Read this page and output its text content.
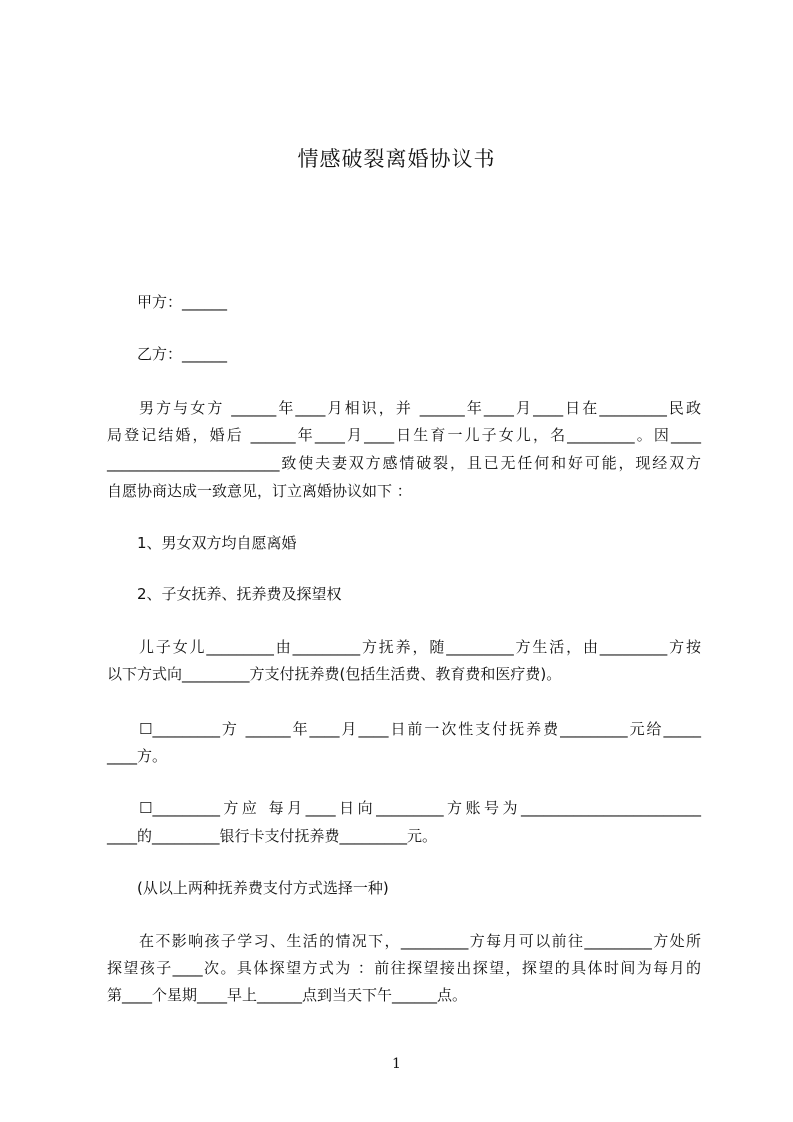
情感破裂离婚协议书
甲方：______
乙方：______
男方与女方 ______年____月相识，并 ______年____月____日在_________民政
局登记结婚，婚后 ______年____月____日生育一儿子女儿，名_________。因____
_______________________致使夫妻双方感情破裂，且已无任何和好可能，现经双方
自愿协商达成一致意见，订立离婚协议如下 ：
1、男女双方均自愿离婚
2、子女抚养、抚养费及探望权
儿子女儿_________由_________方抚养，随_________方生活，由_________方按
以下方式向_________方支付抚养费(包括生活费、教育费和医疗费)。
☐_________方 ______年____月____日前一次性支付抚养费_________元给_____
____方。
☐_________方应 每月____日向_________方账号为________________________
____的_________银行卡支付抚养费_________元。
(从以上两种抚养费支付方式选择一种)
在不影响孩子学习、生活的情况下，_________方每月可以前往_________方处所
探望孩子____次。具体探望方式为 ：前往探望接出探望，探望的具体时间为每月的
第____个星期____早上______点到当天下午______点。
1
